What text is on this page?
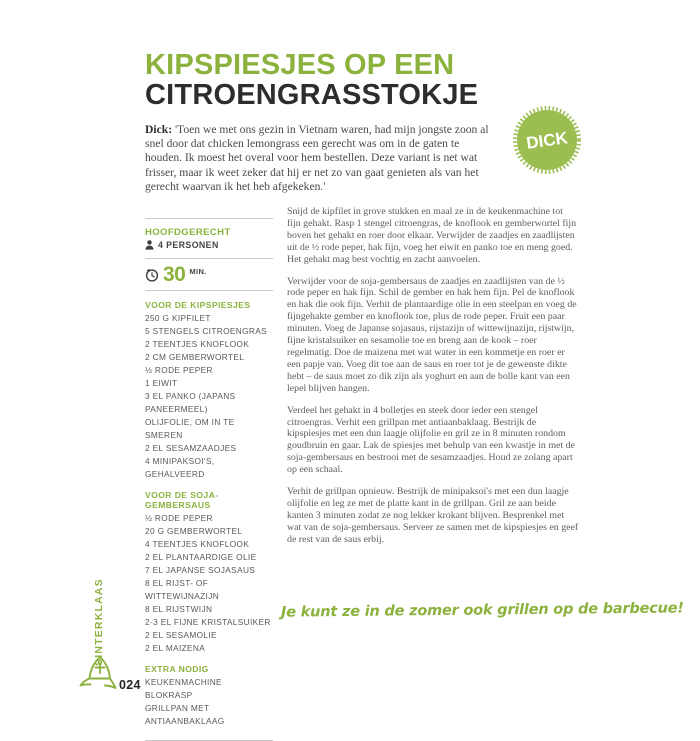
KIPSPIESJES OP EEN
CITROENGRASSTOKJE

Dick: 'Toen we met ons gezin in Vietnam waren, had mijn jongste zoon al snel door dat chicken lemongrass een gerecht was om in de gaten te houden. Ik moest het overal voor hem bestellen. Deze variant is net wat frisser, maar ik weet zeker dat hij er net zo van gaat genieten als van het gerecht waarvan ik het heb afgekeken.'

DICK
HOOFDGERECHT
4 PERSONEN
30 MIN.
VOOR DE KIPSPIESJES
250 G KIPFILET
5 STENGELS CITROENGRAS
2 TEENTJES KNOFLOOK
2 CM GEMBERWORTEL
½ RODE PEPER
1 EIWIT
3 EL PANKO (JAPANS PANEERMEEL)
OLIJFOLIE, OM IN TE SMEREN
2 EL SESAMZAADJES
4 MINIPAKSOI'S, GEHALVEERD
VOOR DE SOJA-GEMBERSAUS
½ RODE PEPER
20 G GEMBERWORTEL
4 TEENTJES KNOFLOOK
2 EL PLANTAARDIGE OLIE
7 EL JAPANSE SOJASAUS
8 EL RIJST- OF WITTEWIJNAZIJN
8 EL RIJSTWIJN
2-3 EL FIJNE KRISTALSUIKER
2 EL SESAMOLIE
2 EL MAIZENA
EXTRA NODIG
KEUKENMACHINE
BLOKRASP
GRILLPAN MET ANTIAANBAKLAAG

Snijd de kipfilet in grove stukken en maal ze in de keukenmachine tot fijn gehakt. Rasp 1 stengel citroengras, de knoflook en gemberwortel fijn boven het gehakt en roer door elkaar. Verwijder de zaadjes en zaadlijsten uit de ½ rode peper, hak fijn, voeg het eiwit en panko toe en meng goed. Het gehakt mag best vochtig en zacht aanvoelen.

Verwijder voor de soja-gembersaus de zaadjes en zaadlijsten van de ½ rode peper en hak fijn. Schil de gember en hak hem fijn. Pel de knoflook en hak die ook fijn. Verhit de plantaardige olie in een steelpan en voeg de fijngehakte gember en knoflook toe, plus de rode peper. Fruit een paar minuten. Voeg de Japanse sojasaus, rijstazijn of wittewijnazijn, rijstwijn, fijne kristalsuiker en sesamolie toe en breng aan de kook – roer regelmatig. Doe de maizena met wat water in een kommetje en roer er een papje van. Voeg dit toe aan de saus en roer tot je de gewenste dikte hebt – de saus moet zo dik zijn als yoghurt en aan de bolle kant van een lepel blijven hangen.

Verdeel het gehakt in 4 bolletjes en steek door ieder een stengel citroengras. Verhit een grillpan met antiaanbaklaag. Bestrijk de kipspiesjes met een dun laagje olijfolie en gril ze in 8 minuten rondom goudbruin en gaar. Lak de spiesjes met behulp van een kwastje in met de soja-gembersaus en bestrooi met de sesamzaadjes. Houd ze zolang apart op een schaal.

Verhit de grillpan opnieuw. Bestrijk de minipaksoi's met een dun laagje olijfolie en leg ze met de platte kant in de grillpan. Gril ze aan beide kanten 3 minuten zodat ze nog lekker krokant blijven. Besprenkel met wat van de soja-gembersaus. Serveer ze samen met de kipspiesjes en geef de rest van de saus erbij.

Je kunt ze in de zomer ook grillen op de barbecue!
SINTERKLAAS
024
